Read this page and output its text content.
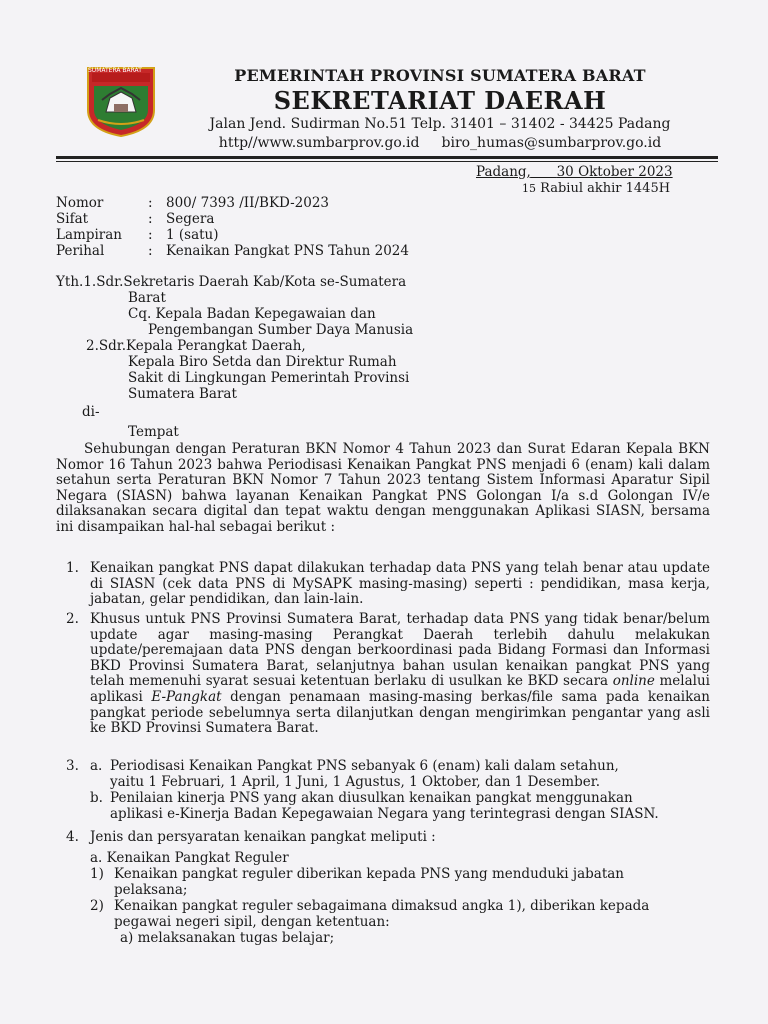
SUMATERA BARAT	PEMERINTAH PROVINSI SUMATERA BARAT
SEKRETARIAT DAERAH
Jalan Jend. Sudirman No.51 Telp. 31401 – 31402 - 34425 Padang
http//www.sumbarprov.go.id biro_humas@sumbarprov.go.id
Padang, 30 Oktober 2023
15 Rabiul akhir 1445H
Nomor	: 800/ 7393 /II/BKD-2023
Sifat	: Segera
Lampiran	: 1 (satu)
Perihal	: Kenaikan Pangkat PNS Tahun 2024
Yth.1.Sdr.Sekretaris Daerah Kab/Kota se-Sumatera
Barat
Cq. Kepala Badan Kepegawaian dan
Pengembangan Sumber Daya Manusia
2.Sdr.Kepala Perangkat Daerah,
Kepala Biro Setda dan Direktur Rumah
Sakit di Lingkungan Pemerintah Provinsi
Sumatera Barat
di-
Tempat
Sehubungan dengan Peraturan BKN Nomor 4 Tahun 2023 dan Surat Edaran Kepala BKN Nomor 16 Tahun 2023 bahwa Periodisasi Kenaikan Pangkat PNS menjadi 6 (enam) kali dalam setahun serta Peraturan BKN Nomor 7 Tahun 2023 tentang Sistem Informasi Aparatur Sipil Negara (SIASN) bahwa layanan Kenaikan Pangkat PNS Golongan I/a s.d Golongan IV/e dilaksanakan secara digital dan tepat waktu dengan menggunakan Aplikasi SIASN, bersama ini disampaikan hal-hal sebagai berikut :
1. Kenaikan pangkat PNS dapat dilakukan terhadap data PNS yang telah benar atau update di SIASN (cek data PNS di MySAPK masing-masing) seperti : pendidikan, masa kerja, jabatan, gelar pendidikan, dan lain-lain.
2. Khusus untuk PNS Provinsi Sumatera Barat, terhadap data PNS yang tidak benar/belum update agar masing-masing Perangkat Daerah terlebih dahulu melakukan update/peremajaan data PNS dengan berkoordinasi pada Bidang Formasi dan Informasi BKD Provinsi Sumatera Barat, selanjutnya bahan usulan kenaikan pangkat PNS yang telah memenuhi syarat sesuai ketentuan berlaku di usulkan ke BKD secara online melalui aplikasi E-Pangkat dengan penamaan masing-masing berkas/file sama pada kenaikan pangkat periode sebelumnya serta dilanjutkan dengan mengirimkan pengantar yang asli ke BKD Provinsi Sumatera Barat.
3. a. Periodisasi Kenaikan Pangkat PNS sebanyak 6 (enam) kali dalam setahun,
yaitu 1 Februari, 1 April, 1 Juni, 1 Agustus, 1 Oktober, dan 1 Desember.
b. Penilaian kinerja PNS yang akan diusulkan kenaikan pangkat menggunakan
aplikasi e-Kinerja Badan Kepegawaian Negara yang terintegrasi dengan SIASN.
4. Jenis dan persyaratan kenaikan pangkat meliputi :
a. Kenaikan Pangkat Reguler
1) Kenaikan pangkat reguler diberikan kepada PNS yang menduduki jabatan
pelaksana;
2) Kenaikan pangkat reguler sebagaimana dimaksud angka 1), diberikan kepada
pegawai negeri sipil, dengan ketentuan:
a) melaksanakan tugas belajar;
